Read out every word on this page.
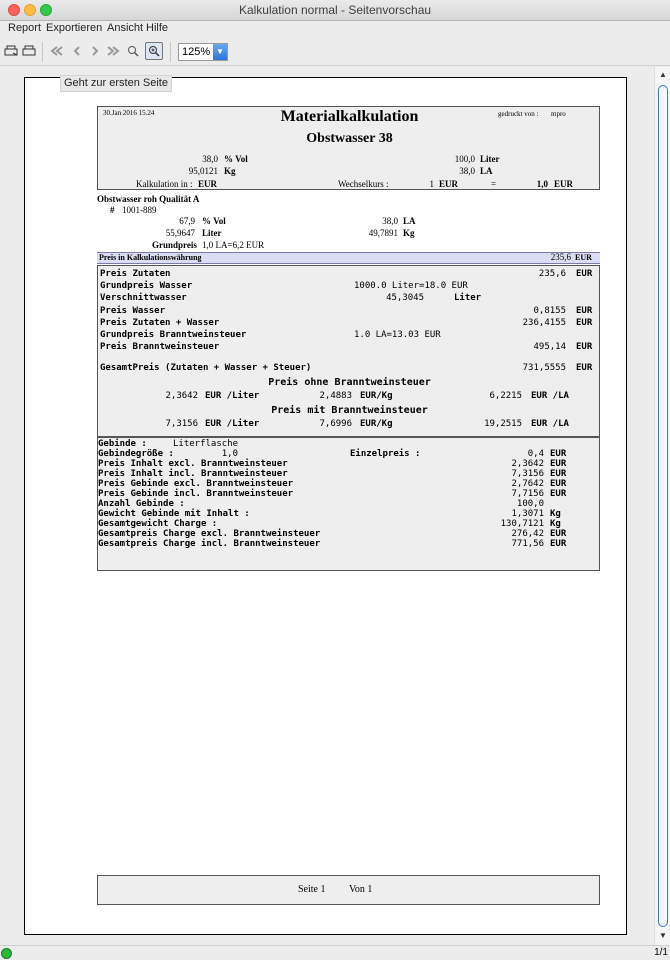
Kalkulation normal - Seitenvorschau
Report Exportieren Ansicht Hilfe
125% ▼
30.Jan 2016 15.24	Materialkalkulation	gedruckt von : mpro
Obstwasser 38
38,0 % Vol	100,0 Liter
95,0121 Kg	38,0 LA
Kalkulation in : EUR	Wechselkurs :	1 EUR	=	1,0 EUR
Obstwasser roh Qualität A
# 1001-889
67,9 % Vol	38,0 LA
55,9647 Liter	49,7891 Kg
Grundpreis 1,0 LA=6,2 EUR
Preis in Kalkulationswährung	235,6 EUR
Preis Zutaten	235,6 EUR
Grundpreis Wasser	1000.0 Liter=18.0 EUR
Verschnittwasser	45,3045	Liter
Preis Wasser	0,8155 EUR
Preis Zutaten + Wasser	236,4155 EUR
Grundpreis Branntweinsteuer	1.0 LA=13.03 EUR
Preis Branntweinsteuer	495,14 EUR
GesamtPreis (Zutaten + Wasser + Steuer)	731,5555 EUR
Preis ohne Branntweinsteuer
2,3642 EUR /Liter	2,4883 EUR/Kg	6,2215 EUR /LA
Preis mit Branntweinsteuer
7,3156 EUR /Liter	7,6996 EUR/Kg	19,2515 EUR /LA
Gebinde :	Literflasche
Gebindegröße :	1,0	Einzelpreis :	0,4 EUR
Preis Inhalt excl. Branntweinsteuer	2,3642 EUR
Preis Inhalt incl. Branntweinsteuer	7,3156 EUR
Preis Gebinde excl. Branntweinsteuer	2,7642 EUR
Preis Gebinde incl. Branntweinsteuer	7,7156 EUR
Anzahl Gebinde :	100,0
Gewicht Gebinde mit Inhalt :	1,3071 Kg
Gesamtgewicht Charge :	130,7121 Kg
Gesamtpreis Charge excl. Branntweinsteuer	276,42 EUR
Gesamtpreis Charge incl. Branntweinsteuer	771,56 EUR
Seite 1 Von 1
Geht zur ersten Seite
▲
▼
1/1
